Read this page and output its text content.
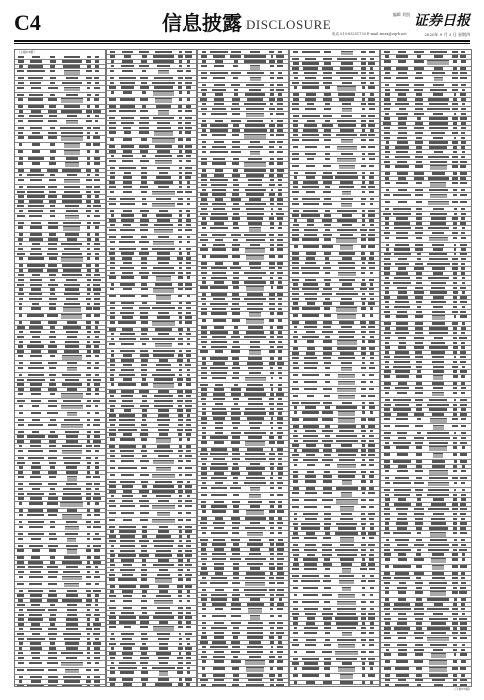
C4	信息披露 DISCLOSURE
编辑 刘凯
电话 010-83251730 E-mail zmzx@zqrb.net
证券日报
2020年 9 月 3 日 星期四
（上接C3版）
(下转C5版)
